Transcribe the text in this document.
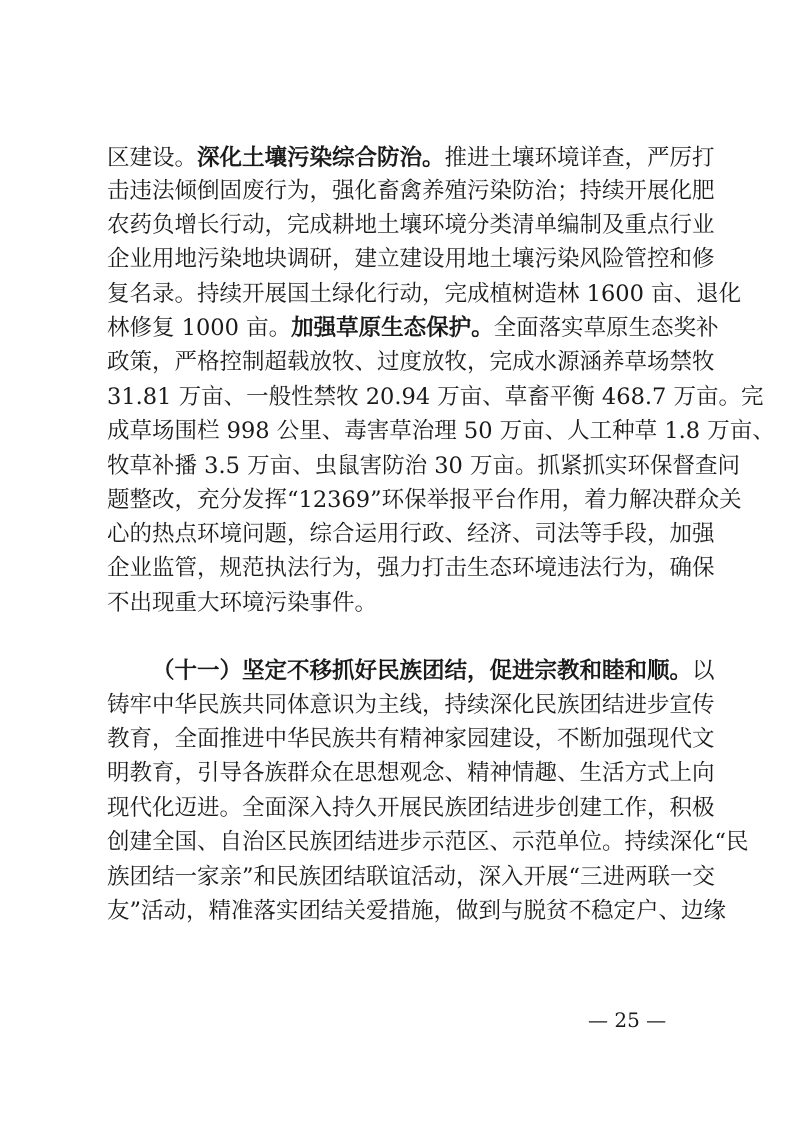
区建设。深化土壤污染综合防治。推进土壤环境详查，严厉打
击违法倾倒固废行为，强化畜禽养殖污染防治；持续开展化肥
农药负增长行动，完成耕地土壤环境分类清单编制及重点行业
企业用地污染地块调研，建立建设用地土壤污染风险管控和修
复名录。持续开展国土绿化行动，完成植树造林 1600 亩、退化
林修复 1000 亩。加强草原生态保护。全面落实草原生态奖补
政策，严格控制超载放牧、过度放牧，完成水源涵养草场禁牧
31.81 万亩、一般性禁牧 20.94 万亩、草畜平衡 468.7 万亩。完
成草场围栏 998 公里、毒害草治理 50 万亩、人工种草 1.8 万亩、
牧草补播 3.5 万亩、虫鼠害防治 30 万亩。抓紧抓实环保督查问
题整改，充分发挥“12369”环保举报平台作用，着力解决群众关
心的热点环境问题，综合运用行政、经济、司法等手段，加强
企业监管，规范执法行为，强力打击生态环境违法行为，确保
不出现重大环境污染事件。
（十一）坚定不移抓好民族团结，促进宗教和睦和顺。以
铸牢中华民族共同体意识为主线，持续深化民族团结进步宣传
教育，全面推进中华民族共有精神家园建设，不断加强现代文
明教育，引导各族群众在思想观念、精神情趣、生活方式上向
现代化迈进。全面深入持久开展民族团结进步创建工作，积极
创建全国、自治区民族团结进步示范区、示范单位。持续深化“民
族团结一家亲”和民族团结联谊活动，深入开展“三进两联一交
友”活动，精准落实团结关爱措施，做到与脱贫不稳定户、边缘
— 25 —
